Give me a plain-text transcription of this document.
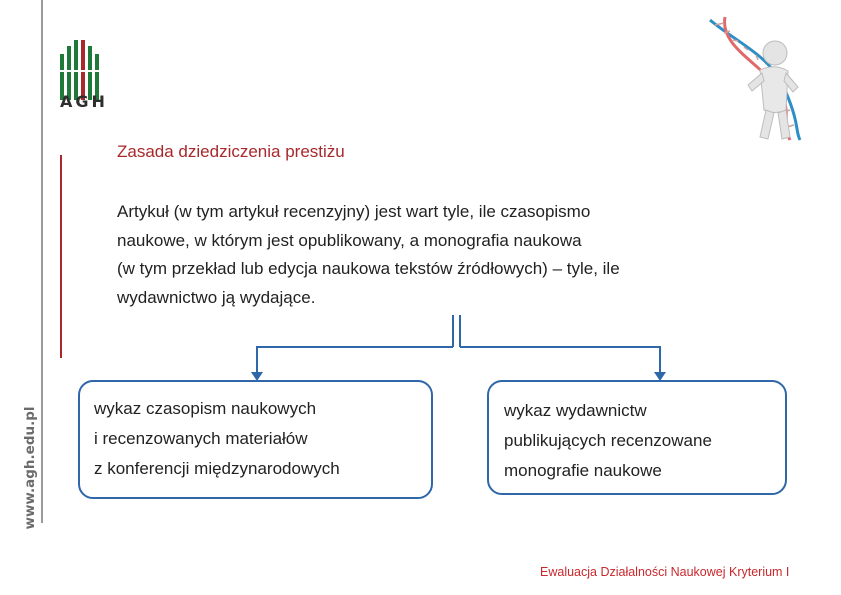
AGH
www.agh.edu.pl
Zasada dziedziczenia prestiżu
Artykuł (w tym artykuł recenzyjny) jest wart tyle, ile czasopismo
naukowe, w którym jest opublikowany, a monografia naukowa
(w tym przekład lub edycja naukowa tekstów źródłowych) – tyle, ile
wydawnictwo ją wydające.
wykaz czasopism naukowych
i recenzowanych materiałów
z konferencji międzynarodowych
wykaz wydawnictw
publikujących recenzowane
monografie naukowe
Ewaluacja Działalności Naukowej Kryterium I
